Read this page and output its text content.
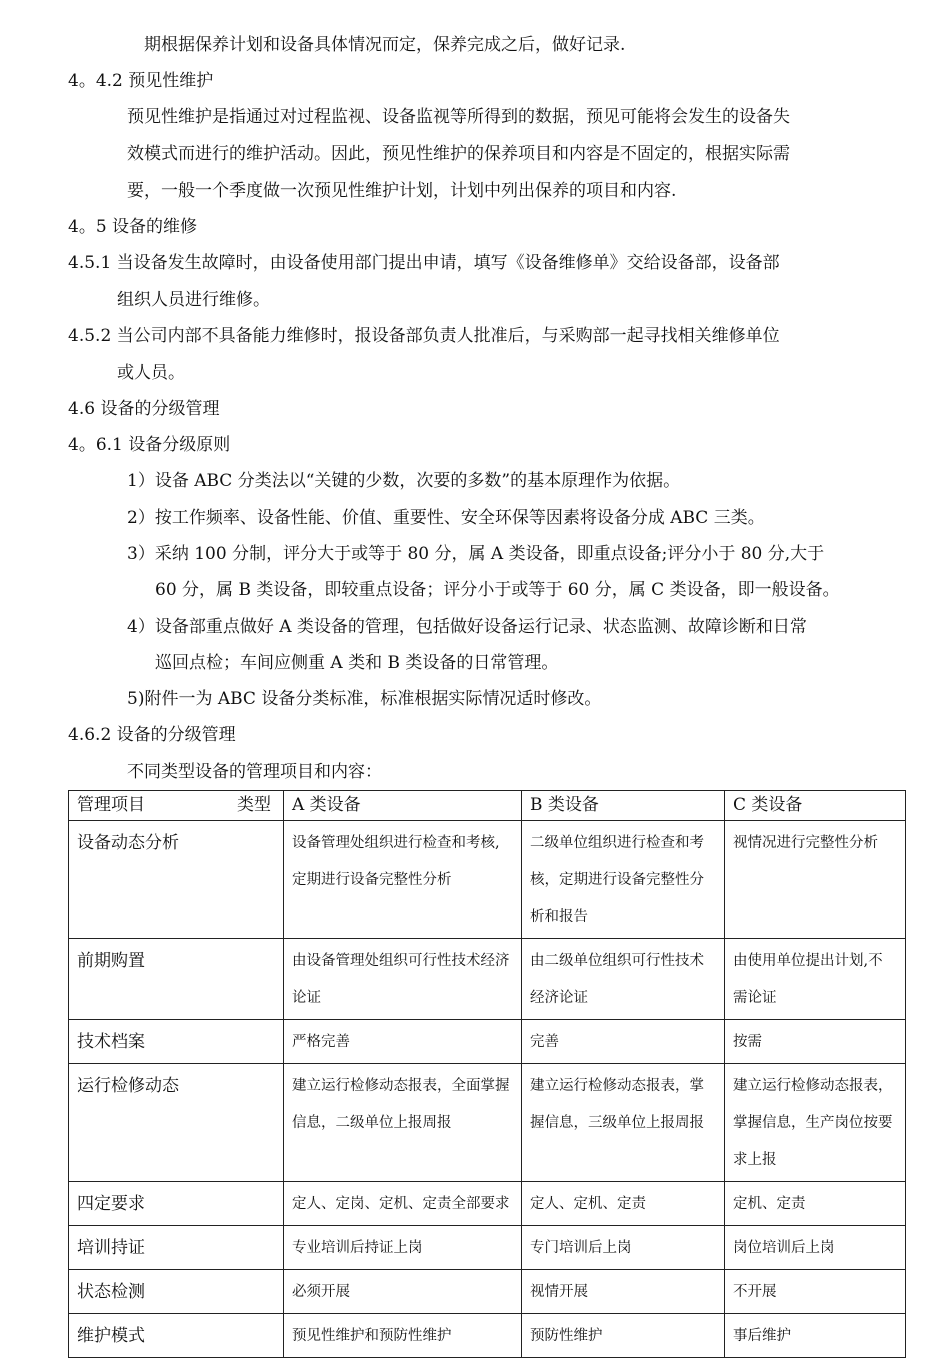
期根据保养计划和设备具体情况而定，保养完成之后，做好记录.
4。4.2 预见性维护
预见性维护是指通过对过程监视、设备监视等所得到的数据，预见可能将会发生的设备失
效模式而进行的维护活动。因此，预见性维护的保养项目和内容是不固定的，根据实际需
要，一般一个季度做一次预见性维护计划，计划中列出保养的项目和内容.
4。5 设备的维修
4.5.1 当设备发生故障时，由设备使用部门提出申请，填写《设备维修单》交给设备部，设备部
组织人员进行维修。
4.5.2 当公司内部不具备能力维修时，报设备部负责人批准后，与采购部一起寻找相关维修单位
或人员。
4.6 设备的分级管理
4。6.1 设备分级原则
1）设备 ABC 分类法以“关键的少数，次要的多数”的基本原理作为依据。
2）按工作频率、设备性能、价值、重要性、安全环保等因素将设备分成 ABC 三类。
3）采纳 100 分制，评分大于或等于 80 分，属 A 类设备，即重点设备;评分小于 80 分,大于
60 分，属 B 类设备，即较重点设备；评分小于或等于 60 分，属 C 类设备，即一般设备。
4）设备部重点做好 A 类设备的管理，包括做好设备运行记录、状态监测、故障诊断和日常
巡回点检；车间应侧重 A 类和 B 类设备的日常管理。
5)附件一为 ABC 设备分类标准，标准根据实际情况适时修改。
4.6.2 设备的分级管理
不同类型设备的管理项目和内容：
管理项目 类型	A 类设备	B 类设备	C 类设备
设备动态分析	设备管理处组织进行检查和考核,定期进行设备完整性分析	二级单位组织进行检查和考核，定期进行设备完整性分析和报告	视情况进行完整性分析
前期购置	由设备管理处组织可行性技术经济论证	由二级单位组织可行性技术经济论证	由使用单位提出计划,不需论证
技术档案	严格完善	完善	按需
运行检修动态	建立运行检修动态报表，全面掌握信息，二级单位上报周报	建立运行检修动态报表，掌握信息，三级单位上报周报	建立运行检修动态报表，掌握信息，生产岗位按要求上报
四定要求	定人、定岗、定机、定责全部要求	定人、定机、定责	定机、定责
培训持证	专业培训后持证上岗	专门培训后上岗	岗位培训后上岗
状态检测	必须开展	视情开展	不开展
维护模式	预见性维护和预防性维护	预防性维护	事后维护
